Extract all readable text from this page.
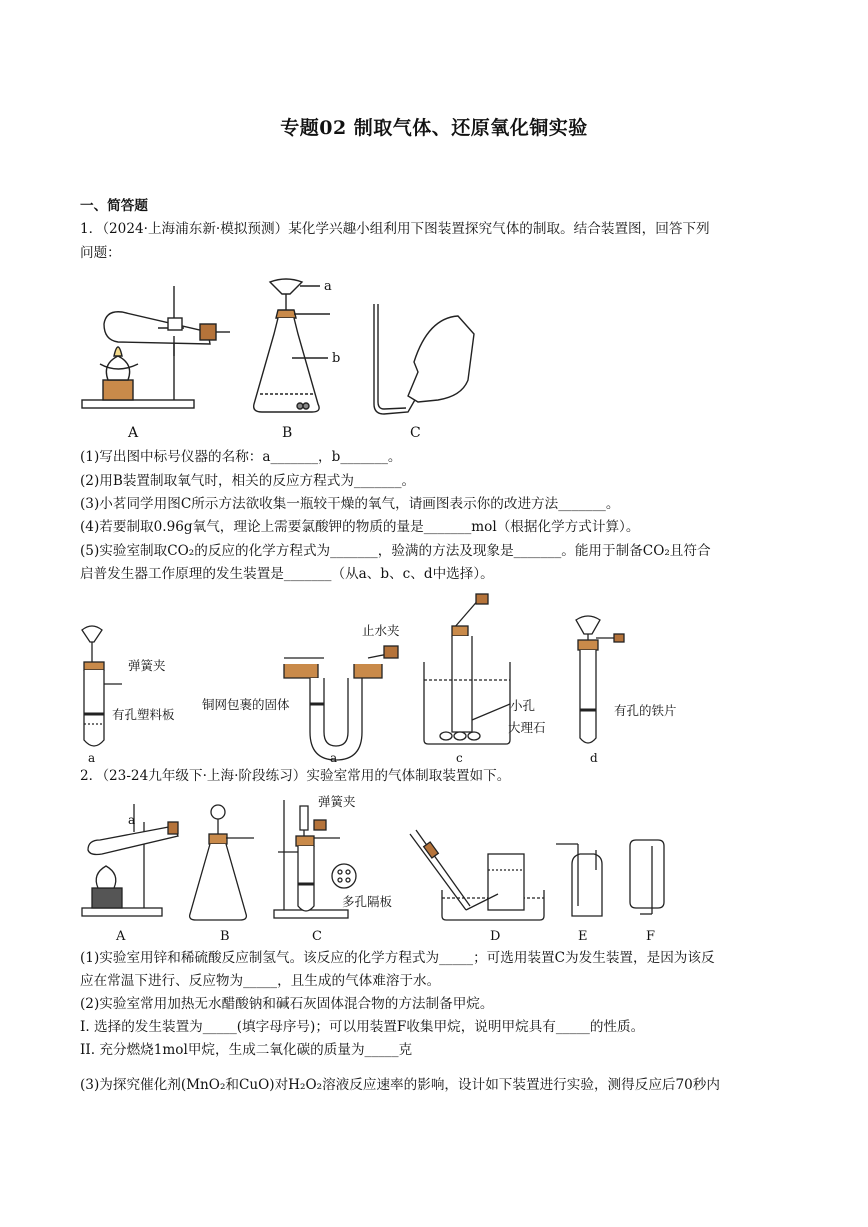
专题02 制取气体、还原氧化铜实验
一、简答题
1．（2024·上海浦东新·模拟预测）某化学兴趣小组利用下图装置探究气体的制取。结合装置图，回答下列
问题：
A
a
b
B	C
(1)写出图中标号仪器的名称：a_______，b_______。
(2)用B装置制取氧气时，相关的反应方程式为_______。
(3)小茗同学用图C所示方法欲收集一瓶较干燥的氧气，请画图表示你的改进方法_______。
(4)若要制取0.96g氧气，理论上需要氯酸钾的物质的量是_______mol（根据化学方式计算）。
(5)实验室制取CO₂的反应的化学方程式为_______，验满的方法及现象是_______。能用于制备CO₂且符合
启普发生器工作原理的发生装置是_______（从a、b、c、d中选择）。
弹簧夹
有孔塑料板
a
止水夹
铜网包裹的固体
a
小孔
大理石
c
有孔的铁片
d
2．（23-24九年级下·上海·阶段练习）实验室常用的气体制取装置如下。
a
A	B
弹簧夹
多孔隔板
C	D	E	F
(1)实验室用锌和稀硫酸反应制氢气。该反应的化学方程式为_____；可选用装置C为发生装置，是因为该反
应在常温下进行、反应物为_____，且生成的气体难溶于水。
(2)实验室常用加热无水醋酸钠和碱石灰固体混合物的方法制备甲烷。
I. 选择的发生装置为_____(填字母序号)；可以用装置F收集甲烷，说明甲烷具有_____的性质。
II. 充分燃烧1mol甲烷，生成二氧化碳的质量为_____克
(3)为探究催化剂(MnO₂和CuO)对H₂O₂溶液反应速率的影响，设计如下装置进行实验，测得反应后70秒内
